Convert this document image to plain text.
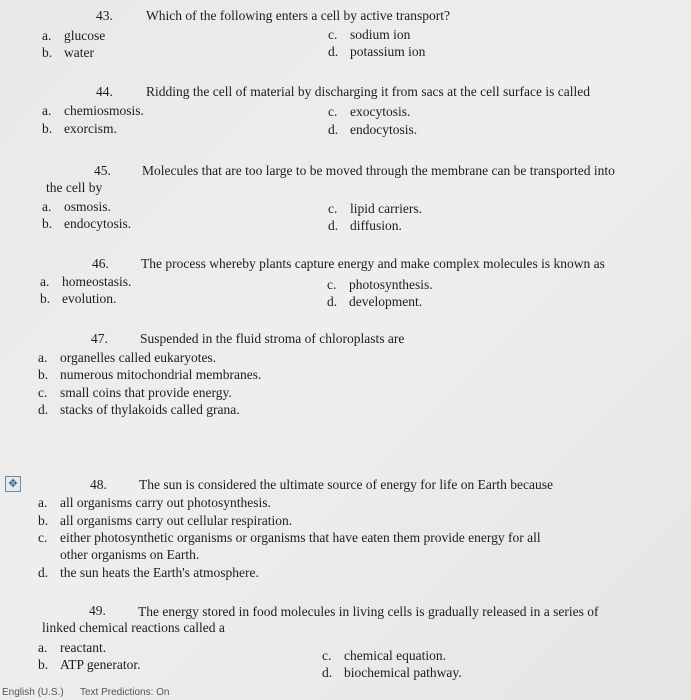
43. Which of the following enters a cell by active transport?
a. glucose
b. water
c. sodium ion
d. potassium ion
44. Ridding the cell of material by discharging it from sacs at the cell surface is called
a. chemiosmosis.
b. exorcism.
c. exocytosis.
d. endocytosis.
45. Molecules that are too large to be moved through the membrane can be transported into
the cell by
a. osmosis.
b. endocytosis.
c. lipid carriers.
d. diffusion.
46. The process whereby plants capture energy and make complex molecules is known as
a. homeostasis.
b. evolution.
c. photosynthesis.
d. development.
47. Suspended in the fluid stroma of chloroplasts are
a. organelles called eukaryotes.
b. numerous mitochondrial membranes.
c. small coins that provide energy.
d. stacks of thylakoids called grana.
✥	48. The sun is considered the ultimate source of energy for life on Earth because
a. all organisms carry out photosynthesis.
b. all organisms carry out cellular respiration.
c. either photosynthetic organisms or organisms that have eaten them provide energy for all
other organisms on Earth.
d. the sun heats the Earth's atmosphere.
49. The energy stored in food molecules in living cells is gradually released in a series of
linked chemical reactions called a
a. reactant.
b. ATP generator.
c. chemical equation.
d. biochemical pathway.
English (U.S.) Text Predictions: On
